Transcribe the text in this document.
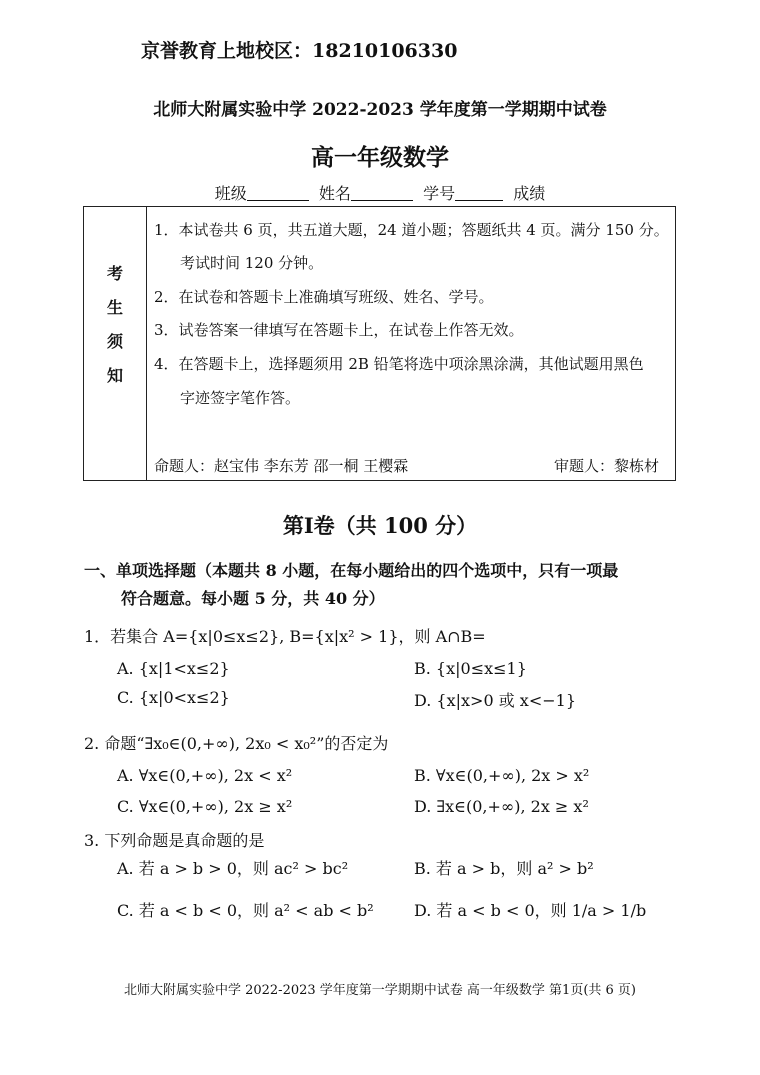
京誉教育上地校区：18210106330
北师大附属实验中学 2022-2023 学年度第一学期期中试卷
高一年级数学
班级	姓名	学号	成绩
考
生
须
知
1．本试卷共 6 页，共五道大题，24 道小题；答题纸共 4 页。满分 150 分。
考试时间 120 分钟。
2．在试卷和答题卡上准确填写班级、姓名、学号。
3．试卷答案一律填写在答题卡上，在试卷上作答无效。
4．在答题卡上，选择题须用 2B 铅笔将选中项涂黑涂满，其他试题用黑色
字迹签字笔作答。
命题人：赵宝伟 李东芳 邵一桐 王樱霖	审题人：黎栋材
第Ⅰ卷（共 100 分）
一、单项选择题（本题共 8 小题，在每小题给出的四个选项中，只有一项最
符合题意。每小题 5 分，共 40 分）
1．若集合 A={x|0≤x≤2}, B={x|x² > 1}，则 A∩B=
A. {x|1<x≤2}	B. {x|0≤x≤1}
C. {x|0<x≤2}	D. {x|x>0 或 x<−1}
2. 命题“∃x₀∈(0,+∞), 2x₀ < x₀²”的否定为
A. ∀x∈(0,+∞), 2x < x²	B. ∀x∈(0,+∞), 2x > x²
C. ∀x∈(0,+∞), 2x ≥ x²	D. ∃x∈(0,+∞), 2x ≥ x²
3. 下列命题是真命题的是
A. 若 a > b > 0，则 ac² > bc²	B. 若 a > b，则 a² > b²
C. 若 a < b < 0，则 a² < ab < b²	D. 若 a < b < 0，则 1/a > 1/b
北师大附属实验中学 2022-2023 学年度第一学期期中试卷 高一年级数学 第1页(共 6 页)
